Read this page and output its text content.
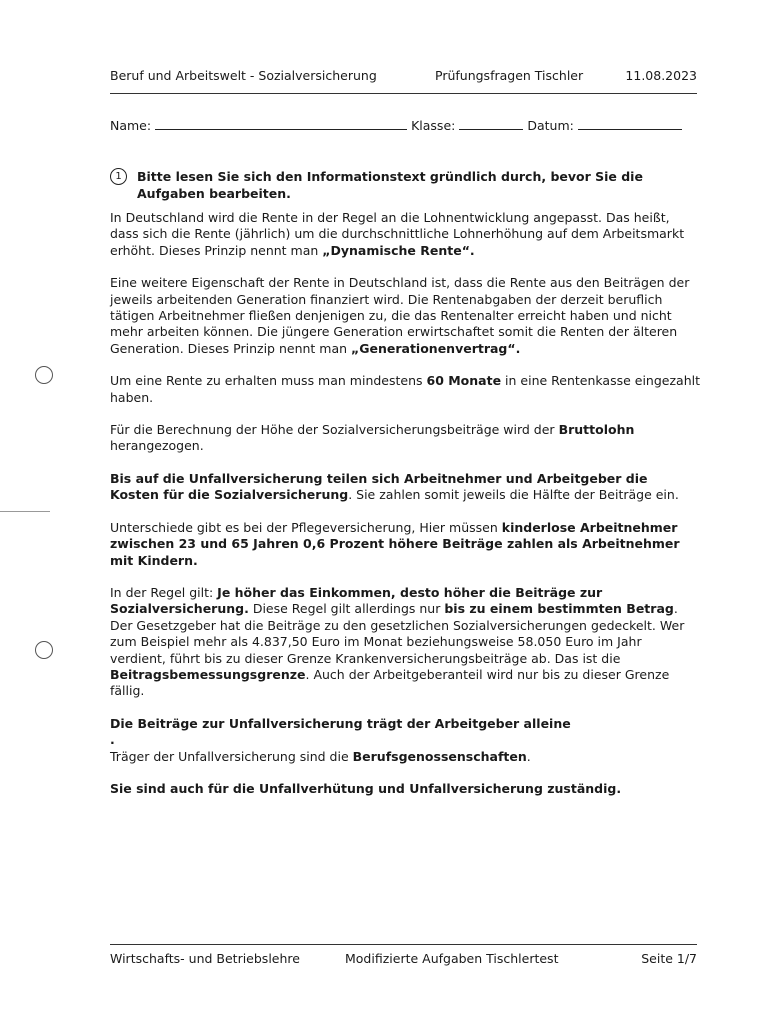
Beruf und Arbeitswelt - Sozialversicherung	Prüfungsfragen Tischler	11.08.2023
Name:	Klasse:	Datum:
1	Bitte lesen Sie sich den Informationstext gründlich durch, bevor Sie die Aufgaben bearbeiten.

In Deutschland wird die Rente in der Regel an die Lohnentwicklung angepasst. Das heißt, dass sich die Rente (jährlich) um die durchschnittliche Lohnerhöhung auf dem Arbeitsmarkt erhöht. Dieses Prinzip nennt man „Dynamische Rente“.

Eine weitere Eigenschaft der Rente in Deutschland ist, dass die Rente aus den Beiträgen der jeweils arbeitenden Generation finanziert wird. Die Rentenabgaben der derzeit beruflich tätigen Arbeitnehmer fließen denjenigen zu, die das Rentenalter erreicht haben und nicht mehr arbeiten können. Die jüngere Generation erwirtschaftet somit die Renten der älteren Generation. Dieses Prinzip nennt man „Generationenvertrag“.

Um eine Rente zu erhalten muss man mindestens 60 Monate in eine Rentenkasse eingezahlt haben.

Für die Berechnung der Höhe der Sozialversicherungsbeiträge wird der Bruttolohn herangezogen.

Bis auf die Unfallversicherung teilen sich Arbeitnehmer und Arbeitgeber die Kosten für die Sozialversicherung. Sie zahlen somit jeweils die Hälfte der Beiträge ein.

Unterschiede gibt es bei der Pflegeversicherung, Hier müssen kinderlose Arbeitnehmer zwischen 23 und 65 Jahren 0,6 Prozent höhere Beiträge zahlen als Arbeitnehmer mit Kindern.

In der Regel gilt: Je höher das Einkommen, desto höher die Beiträge zur Sozialversicherung. Diese Regel gilt allerdings nur bis zu einem bestimmten Betrag. Der Gesetzgeber hat die Beiträge zu den gesetzlichen Sozialversicherungen gedeckelt. Wer zum Beispiel mehr als 4.837,50 Euro im Monat beziehungsweise 58.050 Euro im Jahr verdient, führt bis zu dieser Grenze Krankenversicherungsbeiträge ab. Das ist die Beitragsbemessungsgrenze. Auch der Arbeitgeberanteil wird nur bis zu dieser Grenze fällig.

Die Beiträge zur Unfallversicherung trägt der Arbeitgeber alleine
.
Träger der Unfallversicherung sind die Berufsgenossenschaften.

Sie sind auch für die Unfallverhütung und Unfallversicherung zuständig.

Wirtschafts- und Betriebslehre	Modifizierte Aufgaben Tischlertest	Seite 1/7
